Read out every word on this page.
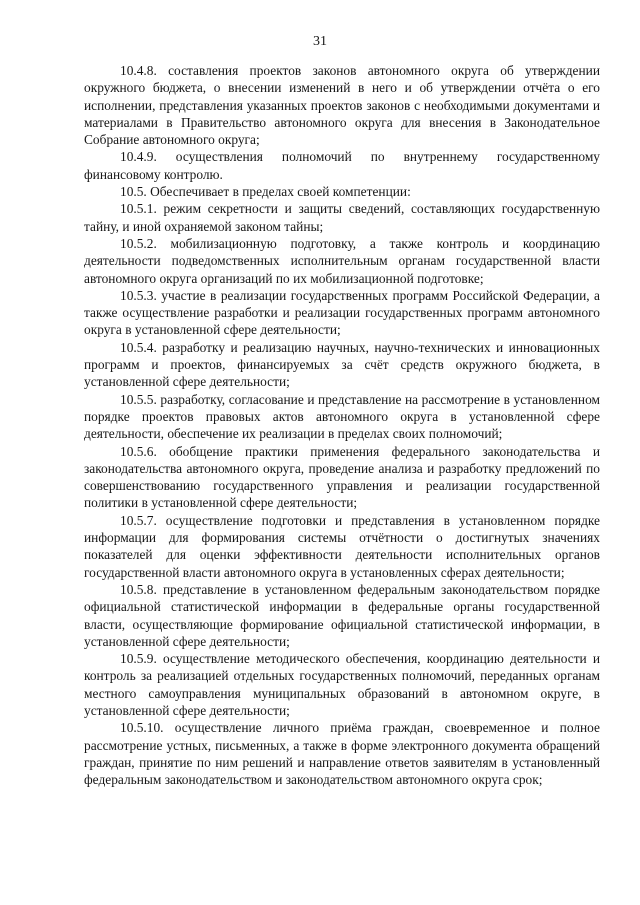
31

10.4.8. составления проектов законов автономного округа об утверждении окружного бюджета, о внесении изменений в него и об утверждении отчёта о его исполнении, представления указанных проектов законов с необходимыми документами и материалами в Правительство автономного округа для внесения в Законодательное Собрание автономного округа;

10.4.9. осуществления полномочий по внутреннему государственному финансовому контролю.

10.5. Обеспечивает в пределах своей компетенции:

10.5.1. режим секретности и защиты сведений, составляющих государственную тайну, и иной охраняемой законом тайны;

10.5.2. мобилизационную подготовку, а также контроль и координацию деятельности подведомственных исполнительным органам государственной власти автономного округа организаций по их мобилизационной подготовке;

10.5.3. участие в реализации государственных программ Российской Федерации, а также осуществление разработки и реализации государственных программ автономного округа в установленной сфере деятельности;

10.5.4. разработку и реализацию научных, научно-технических и инновационных программ и проектов, финансируемых за счёт средств окружного бюджета, в установленной сфере деятельности;

10.5.5. разработку, согласование и представление на рассмотрение в установленном порядке проектов правовых актов автономного округа в установленной сфере деятельности, обеспечение их реализации в пределах своих полномочий;

10.5.6. обобщение практики применения федерального законодательства и законодательства автономного округа, проведение анализа и разработку предложений по совершенствованию государственного управления и реализации государственной политики в установленной сфере деятельности;

10.5.7. осуществление подготовки и представления в установленном порядке информации для формирования системы отчётности о достигнутых значениях показателей для оценки эффективности деятельности исполнительных органов государственной власти автономного округа в установленных сферах деятельности;

10.5.8. представление в установленном федеральным законодательством порядке официальной статистической информации в федеральные органы государственной власти, осуществляющие формирование официальной статистической информации, в установленной сфере деятельности;

10.5.9. осуществление методического обеспечения, координацию деятельности и контроль за реализацией отдельных государственных полномочий, переданных органам местного самоуправления муниципальных образований в автономном округе, в установленной сфере деятельности;

10.5.10. осуществление личного приёма граждан, своевременное и полное рассмотрение устных, письменных, а также в форме электронного документа обращений граждан, принятие по ним решений и направление ответов заявителям в установленный федеральным законодательством и законодательством автономного округа срок;
